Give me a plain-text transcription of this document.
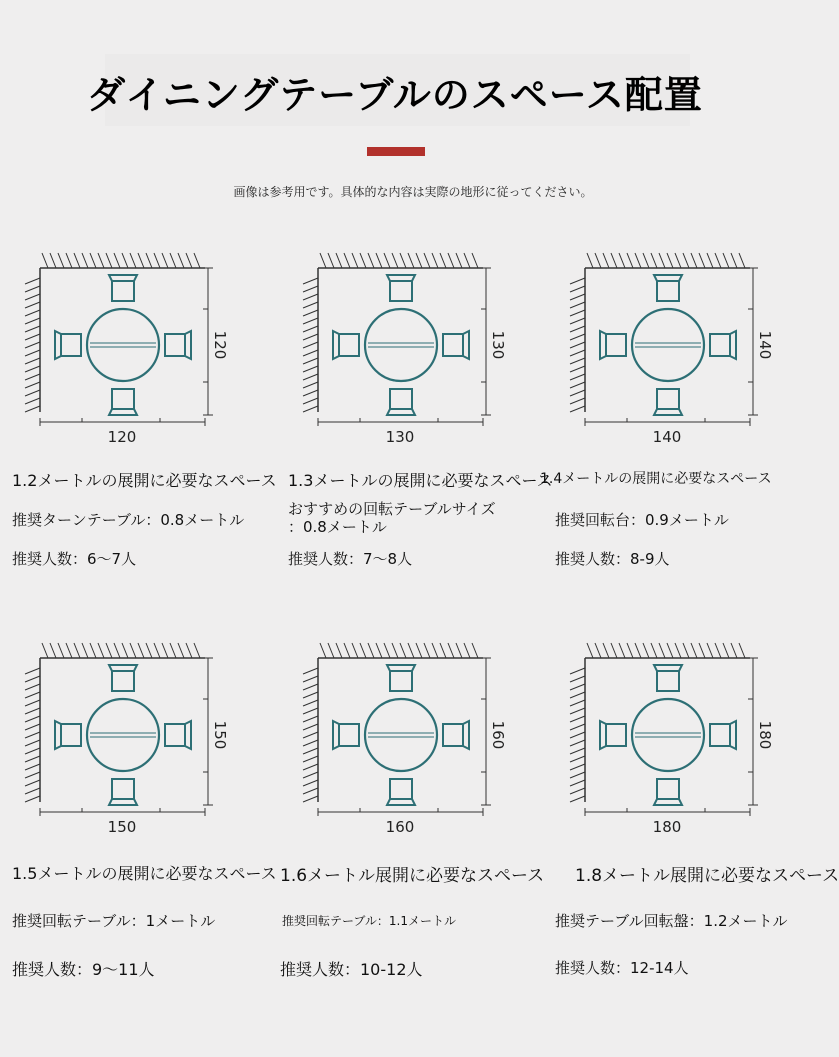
ダイニングテーブルのスペース配置
画像は参考用です。具体的な内容は実際の地形に従ってください。
120
120
130
130
140
140
150
150
160
160
180
180
1.2メートルの展開に必要なスペース
推奨ターンテーブル：0.8メートル
推奨人数：6〜7人
1.3メートルの展開に必要なスペース
おすすめの回転テーブルサイズ
：0.8メートル
推奨人数：7〜8人
1.4メートルの展開に必要なスペース
推奨回転台：0.9メートル
推奨人数：8-9人
1.5メートルの展開に必要なスペース
推奨回転テーブル：1メートル
推奨人数：9〜11人
1.6メートル展開に必要なスペース
推奨回転テーブル：1.1メートル
推奨人数：10-12人
1.8メートル展開に必要なスペース
推奨テーブル回転盤：1.2メートル
推奨人数：12-14人
